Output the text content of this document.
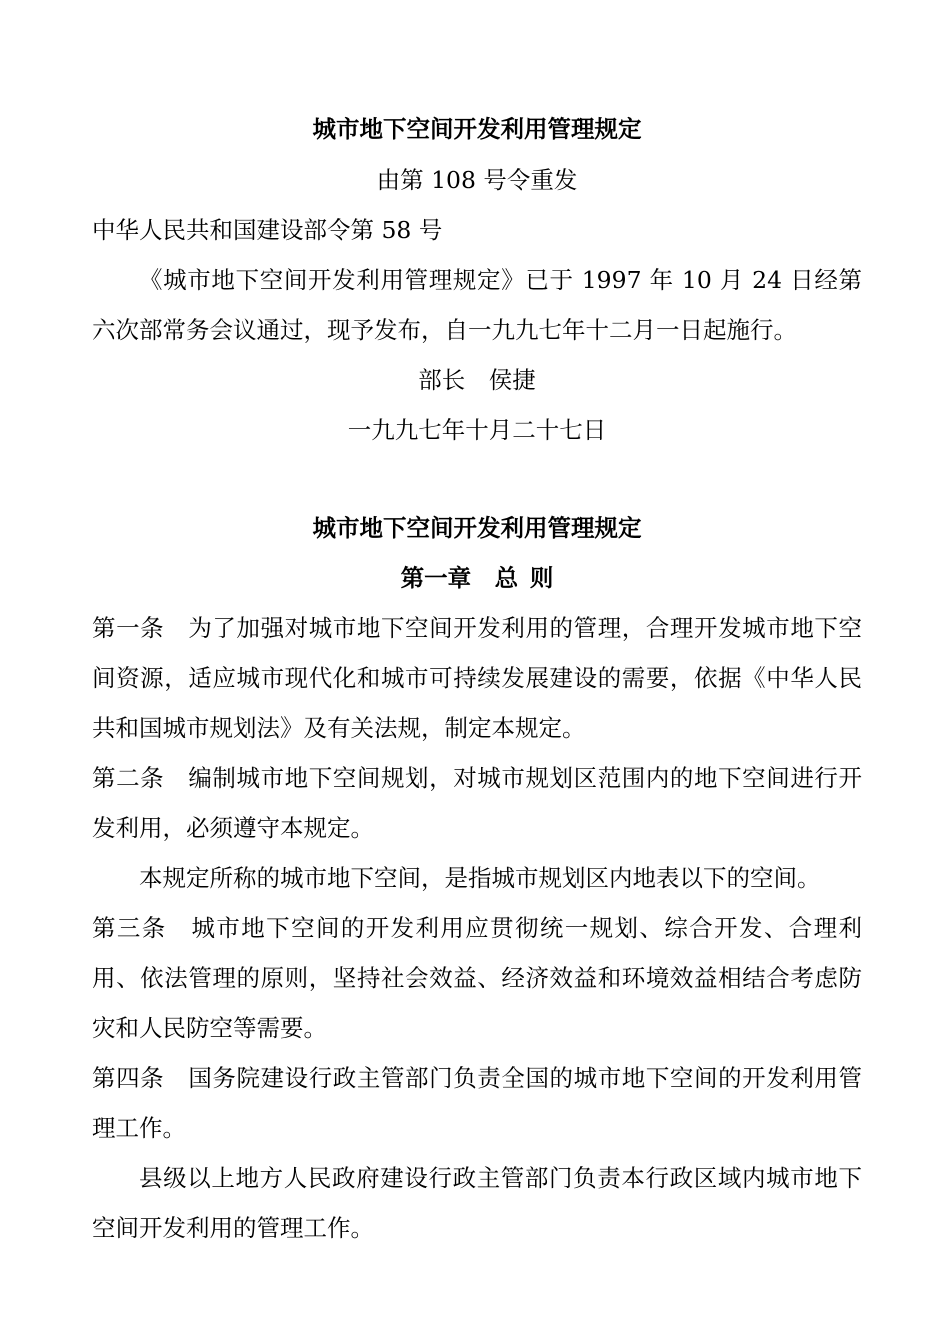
城市地下空间开发利用管理规定
由第 108 号令重发
中华人民共和国建设部令第 58 号

《城市地下空间开发利用管理规定》已于 1997 年 10 月 24 日经第六次部常务会议通过，现予发布，自一九九七年十二月一日起施行。

部长　侯捷
一九九七年十月二十七日
城市地下空间开发利用管理规定
第一章　总 则

第一条　为了加强对城市地下空间开发利用的管理，合理开发城市地下空间资源，适应城市现代化和城市可持续发展建设的需要，依据《中华人民共和国城市规划法》及有关法规，制定本规定。

第二条　编制城市地下空间规划，对城市规划区范围内的地下空间进行开发利用，必须遵守本规定。

本规定所称的城市地下空间，是指城市规划区内地表以下的空间。

第三条　城市地下空间的开发利用应贯彻统一规划、综合开发、合理利用、依法管理的原则，坚持社会效益、经济效益和环境效益相结合考虑防灾和人民防空等需要。

第四条　国务院建设行政主管部门负责全国的城市地下空间的开发利用管理工作。

县级以上地方人民政府建设行政主管部门负责本行政区域内城市地下空间开发利用的管理工作。
